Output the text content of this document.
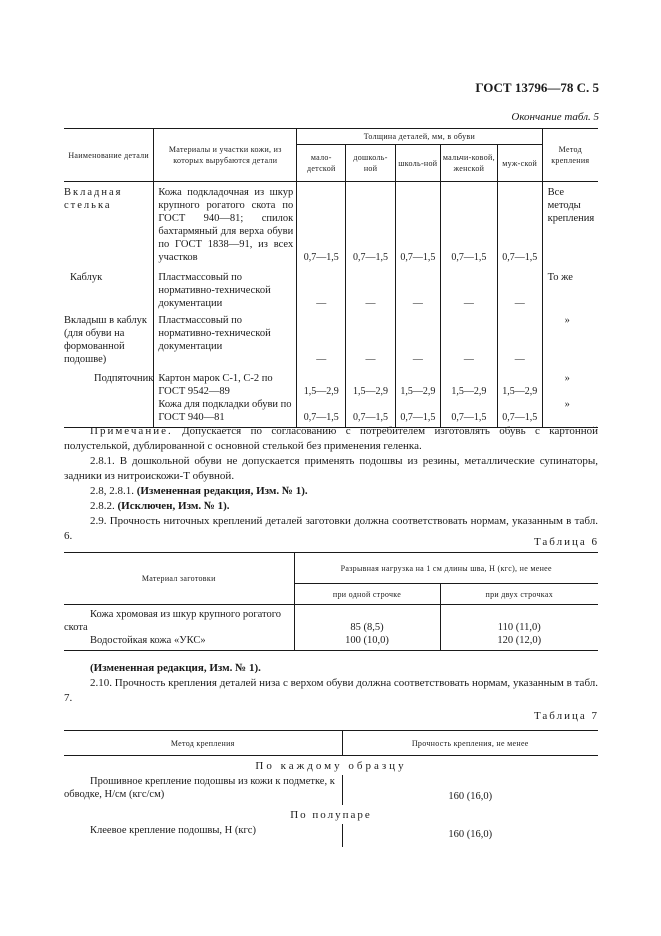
ГОСТ 13796—78 С. 5
Окончание табл. 5
Наименование детали	Материалы и участки кожи, из которых вырубаются детали	Толщина деталей, мм, в обуви					Метод крепления
		мало-детской	дошколь-ной	школь-ной	мальчи-ковой, женской	муж-ской	
Вкладная стелька	Кожа подкладочная из шкур крупного рогатого скота по ГОСТ 940—81; спилок бахтармяный для верха обуви по ГОСТ 1838—91, из всех участков	0,7—1,5	0,7—1,5	0,7—1,5	0,7—1,5	0,7—1,5	Все методы крепления
Каблук	Пластмассовый по нормативно-технической документации	—	—	—	—	—	То же
Вкладыш в каблук (для обуви на формованной подошве)	Пластмассовый по нормативно-технической документации	—	—	—	—	—	»
Подпяточник	Картон марок С-1, С-2 по ГОСТ 9542—89	1,5—2,9	1,5—2,9	1,5—2,9	1,5—2,9	1,5—2,9	»
	Кожа для подкладки обуви по ГОСТ 940—81	0,7—1,5	0,7—1,5	0,7—1,5	0,7—1,5	0,7—1,5	»
Примечание. Допускается по согласованию с потребителем изготовлять обувь с картонной полустелькой, дублированной с основной стелькой без применения геленка.
2.8.1. В дошкольной обуви не допускается применять подошвы из резины, металлические супинаторы, задники из нитроискожи-Т обувной.
2.8, 2.8.1. (Измененная редакция, Изм. № 1).
2.8.2. (Исключен, Изм. № 1).
2.9. Прочность ниточных креплений деталей заготовки должна соответствовать нормам, указанным в табл. 6.	Таблица 6
Материал заготовки	Разрывная нагрузка на 1 см длины шва, Н (кгс), не менее	
	при одной строчке	при двух строчках
Кожа хромовая из шкур крупного рогатого скота	85 (8,5)	110 (11,0)
Водостойкая кожа «УКС»	100 (10,0)	120 (12,0)
(Измененная редакция, Изм. № 1).
2.10. Прочность крепления деталей низа с верхом обуви должна соответствовать нормам, указанным в табл. 7.
Таблица 7
Метод крепления	Прочность крепления, не менее
По каждому образцу	
Прошивное крепление подошвы из кожи к подметке, к обводке, Н/см (кгс/см)	160 (16,0)
По полупаре	
Клеевое крепление подошвы, Н (кгс)	160 (16,0)
